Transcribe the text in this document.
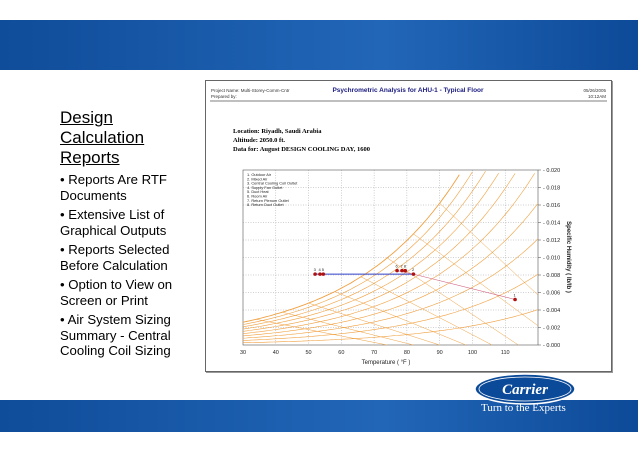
Design
Calculation
Reports
• Reports Are RTF Documents
• Extensive List of Graphical Outputs
• Reports Selected Before Calculation
• Option to View on Screen or Print
• Air System Sizing Summary - Central Cooling Coil Sizing
Project Name: Multi-Storey-Comm-Cntr
Prepared by:
Psychrometric Analysis for AHU-1 - Typical Floor	05/26/2005
10:12AM
Location: Riyadh, Saudi Arabia
Altitude: 2050.0 ft.
Data for: August DESIGN COOLING DAY, 1600
30	40	50	60	70	80	90	100	110
- 0.000
- 0.002
- 0.004
- 0.006
- 0.008
- 0.010
- 0.012
- 0.014
- 0.016
- 0.018
- 0.020
1. Outdoor Air
2. Mixed Air
3. Central Cooling Coil Outlet
4. Supply Fan Outlet
5. Duct Heat
6. Room Air
7. Return Plenum Outlet
8. Return Duct Outlet
1
2
3 4 5
6 7 8
Temperature ( °F )
Specific Humidity ( lb/lb )
Carrier
Turn to the Experts
